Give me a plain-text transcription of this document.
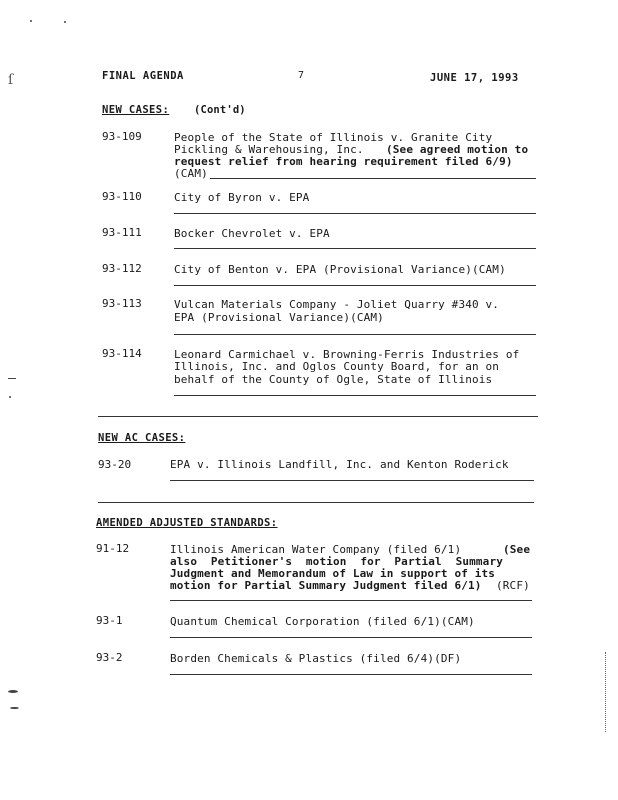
ſ	FINAL AGENDA	7	JUNE 17, 1993
NEW CASES: (Cont'd)
93-109	People of the State of Illinois v. Granite City
Pickling & Warehousing, Inc. (See agreed motion to
request relief from hearing requirement filed 6/9)
(CAM)
93-110	City of Byron v. EPA
93-111	Bocker Chevrolet v. EPA
93-112	City of Benton v. EPA (Provisional Variance)(CAM)
93-113	Vulcan Materials Company - Joliet Quarry #340 v.
EPA (Provisional Variance)(CAM)
93-114	Leonard Carmichael v. Browning-Ferris Industries of
Illinois, Inc. and Oglos County Board, for an on
behalf of the County of Ogle, State of Illinois
NEW AC CASES:
93-20	EPA v. Illinois Landfill, Inc. and Kenton Roderick
AMENDED ADJUSTED STANDARDS:
91-12	Illinois American Water Company (filed 6/1)	(See
also Petitioner's motion for Partial Summary
Judgment and Memorandum of Law in support of its
motion for Partial Summary Judgment filed 6/1) (RCF)
93-1	Quantum Chemical Corporation (filed 6/1)(CAM)
93-2	Borden Chemicals & Plastics (filed 6/4)(DF)
